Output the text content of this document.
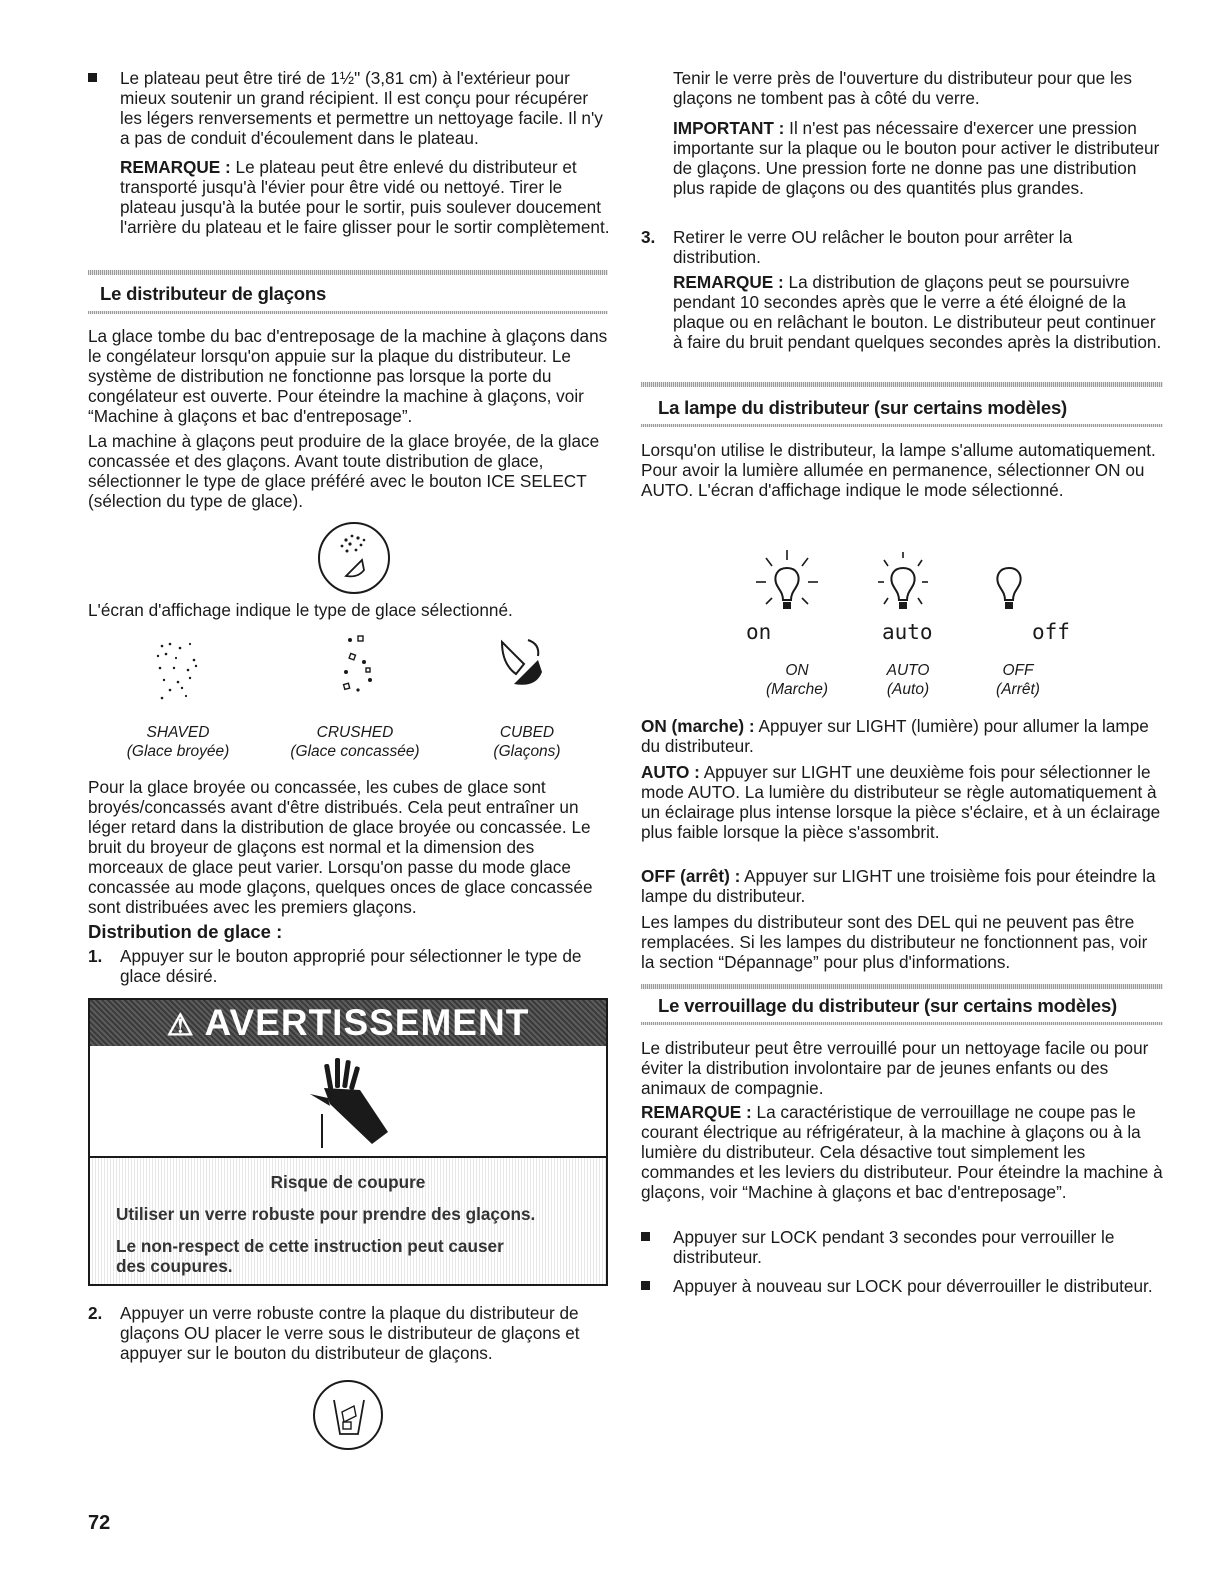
Le plateau peut être tiré de 1½" (3,81 cm) à l'extérieur pour mieux soutenir un grand récipient. Il est conçu pour récupérer les légers renversements et permettre un nettoyage facile. Il n'y a pas de conduit d'écoulement dans le plateau.

REMARQUE : Le plateau peut être enlevé du distributeur et transporté jusqu'à l'évier pour être vidé ou nettoyé. Tirer le plateau jusqu'à la butée pour le sortir, puis soulever doucement l'arrière du plateau et le faire glisser pour le sortir complètement.

Le distributeur de glaçons

La glace tombe du bac d'entreposage de la machine à glaçons dans le congélateur lorsqu'on appuie sur la plaque du distributeur. Le système de distribution ne fonctionne pas lorsque la porte du congélateur est ouverte. Pour éteindre la machine à glaçons, voir “Machine à glaçons et bac d'entreposage”.

La machine à glaçons peut produire de la glace broyée, de la glace concassée et des glaçons. Avant toute distribution de glace, sélectionner le type de glace préféré avec le bouton ICE SELECT (sélection du type de glace).

L'écran d'affichage indique le type de glace sélectionné.

SHAVED
(Glace broyée)
CRUSHED
(Glace concassée)
CUBED
(Glaçons)

Pour la glace broyée ou concassée, les cubes de glace sont broyés/concassés avant d'être distribués. Cela peut entraîner un léger retard dans la distribution de glace broyée ou concassée. Le bruit du broyeur de glaçons est normal et la dimension des morceaux de glace peut varier. Lorsqu'on passe du mode glace concassée au mode glaçons, quelques onces de glace concassée sont distribuées avec les premiers glaçons.

Distribution de glace :
1. Appuyer sur le bouton approprié pour sélectionner le type de glace désiré.

⚠ AVERTISSEMENT
Risque de coupure
Utiliser un verre robuste pour prendre des glaçons.
Le non-respect de cette instruction peut causer des coupures.
2. Appuyer un verre robuste contre la plaque du distributeur de glaçons OU placer le verre sous le distributeur de glaçons et appuyer sur le bouton du distributeur de glaçons.

72

Tenir le verre près de l'ouverture du distributeur pour que les glaçons ne tombent pas à côté du verre.

IMPORTANT : Il n'est pas nécessaire d'exercer une pression importante sur la plaque ou le bouton pour activer le distributeur de glaçons. Une pression forte ne donne pas une distribution plus rapide de glaçons ou des quantités plus grandes.

3. Retirer le verre OU relâcher le bouton pour arrêter la distribution.

REMARQUE : La distribution de glaçons peut se poursuivre pendant 10 secondes après que le verre a été éloigné de la plaque ou en relâchant le bouton. Le distributeur peut continuer à faire du bruit pendant quelques secondes après la distribution.

La lampe du distributeur (sur certains modèles)

Lorsqu'on utilise le distributeur, la lampe s'allume automatiquement. Pour avoir la lumière allumée en permanence, sélectionner ON ou AUTO. L'écran d'affichage indique le mode sélectionné.

on	auto	off
ON
(Marche)
AUTO
(Auto)
OFF
(Arrêt)

ON (marche) : Appuyer sur LIGHT (lumière) pour allumer la lampe du distributeur.

AUTO : Appuyer sur LIGHT une deuxième fois pour sélectionner le mode AUTO. La lumière du distributeur se règle automatiquement à un éclairage plus intense lorsque la pièce s'éclaire, et à un éclairage plus faible lorsque la pièce s'assombrit.

OFF (arrêt) : Appuyer sur LIGHT une troisième fois pour éteindre la lampe du distributeur.

Les lampes du distributeur sont des DEL qui ne peuvent pas être remplacées. Si les lampes du distributeur ne fonctionnent pas, voir la section “Dépannage” pour plus d'informations.

Le verrouillage du distributeur (sur certains modèles)

Le distributeur peut être verrouillé pour un nettoyage facile ou pour éviter la distribution involontaire par de jeunes enfants ou des animaux de compagnie.

REMARQUE : La caractéristique de verrouillage ne coupe pas le courant électrique au réfrigérateur, à la machine à glaçons ou à la lumière du distributeur. Cela désactive tout simplement les commandes et les leviers du distributeur. Pour éteindre la machine à glaçons, voir “Machine à glaçons et bac d'entreposage”.

Appuyer sur LOCK pendant 3 secondes pour verrouiller le distributeur.

Appuyer à nouveau sur LOCK pour déverrouiller le distributeur.
